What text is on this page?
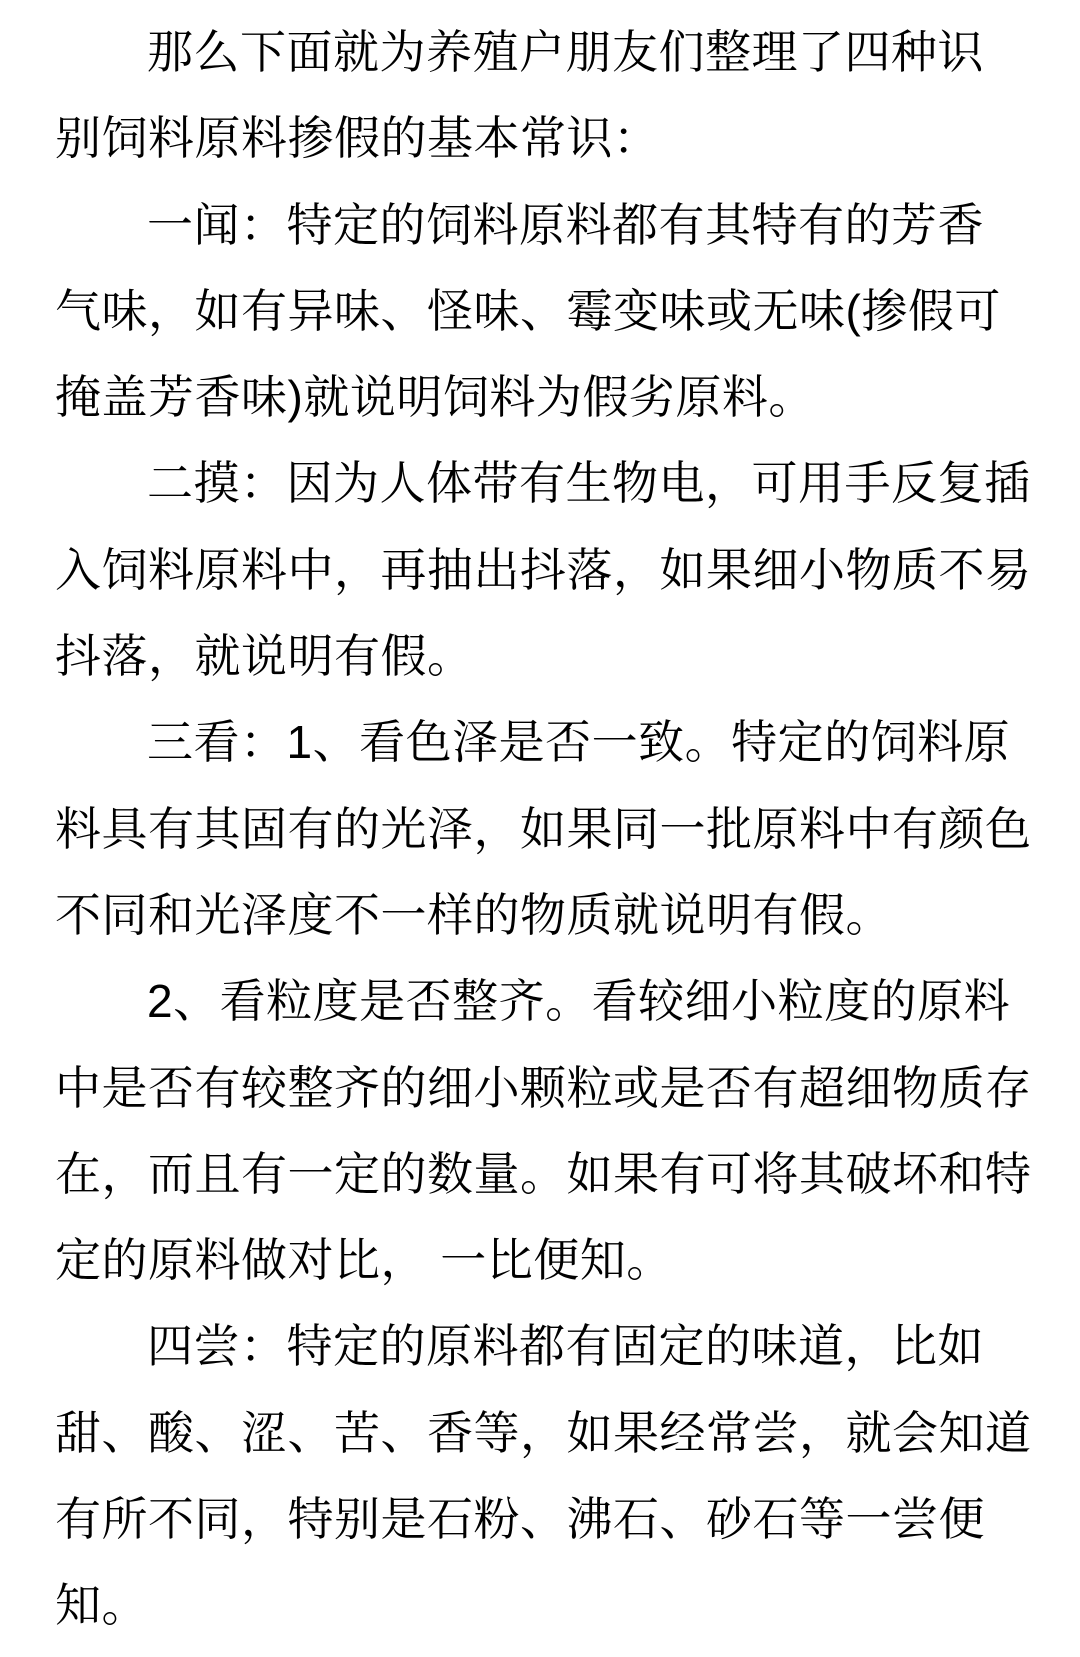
那么下面就为养殖户朋友们整理了四种识
别饲料原料掺假的基本常识：
一闻：特定的饲料原料都有其特有的芳香
气味，如有异味、怪味、霉变味或无味(掺假可
掩盖芳香味)就说明饲料为假劣原料。
二摸：因为人体带有生物电，可用手反复插
入饲料原料中，再抽出抖落，如果细小物质不易
抖落，就说明有假。
三看：1、看色泽是否一致。特定的饲料原
料具有其固有的光泽，如果同一批原料中有颜色
不同和光泽度不一样的物质就说明有假。
2、看粒度是否整齐。看较细小粒度的原料
中是否有较整齐的细小颗粒或是否有超细物质存
在，而且有一定的数量。如果有可将其破坏和特
定的原料做对比， 一比便知。
四尝：特定的原料都有固定的味道，比如
甜、酸、涩、苦、香等，如果经常尝，就会知道
有所不同，特别是石粉、沸石、砂石等一尝便
知。
